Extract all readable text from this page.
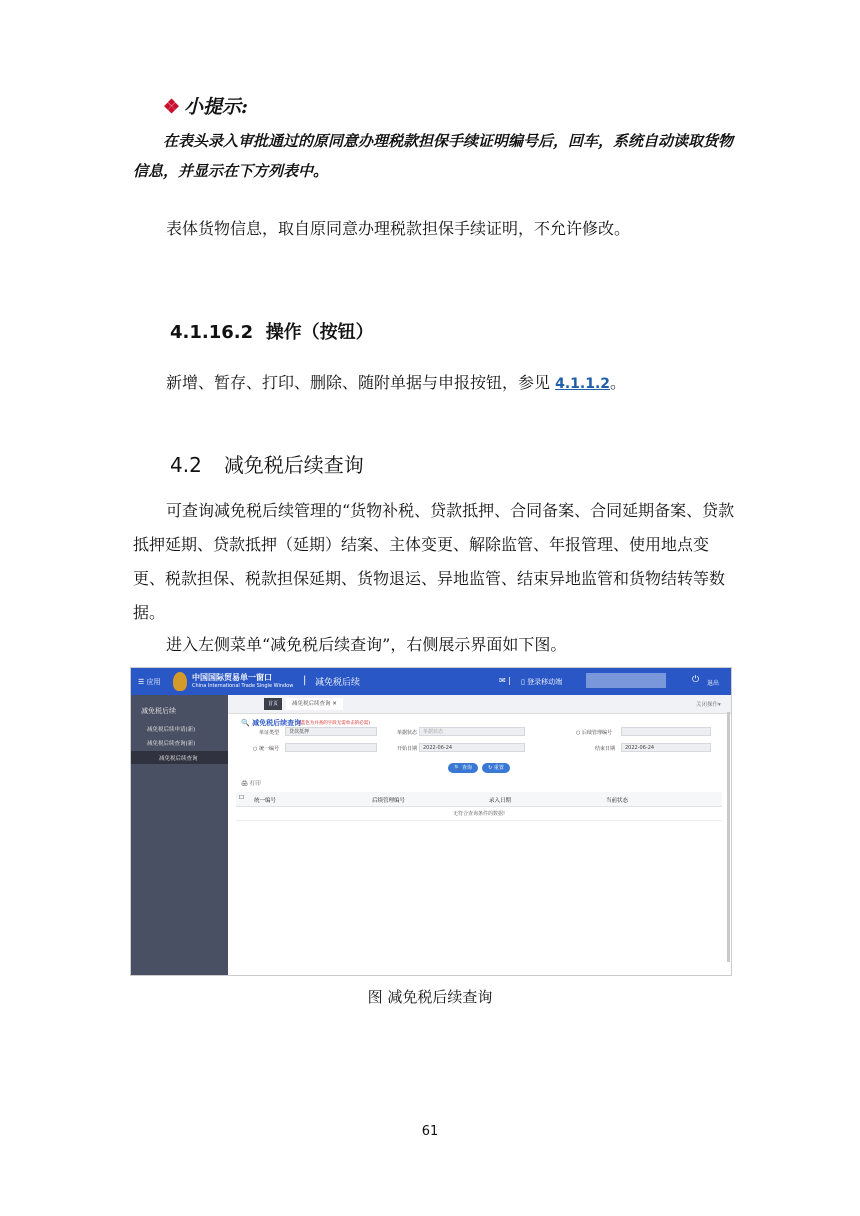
❖ 小提示:
在表头录入审批通过的原同意办理税款担保手续证明编号后，回车，系统自动读取货物信息，并显示在下方列表中。
表体货物信息，取自原同意办理税款担保手续证明，不允许修改。
4.1.16.2 操作（按钮）
新增、暂存、打印、删除、随附单据与申报按钮，参见 4.1.1.2。
4.2 减免税后续查询
可查询减免税后续管理的“货物补税、贷款抵押、合同备案、合同延期备案、贷款抵押延期、贷款抵押（延期）结案、主体变更、解除监管、年报管理、使用地点变更、税款担保、税款担保延期、货物退运、异地监管、结束异地监管和货物结转等数据。
进入左侧菜单“减免税后续查询”，右侧展示界面如下图。
☰ 应用	中国国际贸易单一窗口
China International Trade Single Window | 减免税后续	✉ | ▯ 登录移动端	⏻ 退出
减免税后续
减免税后续申请(新)
减免税后续查询(新)
减免税后续查询
首页	减免税后续查询 ✕	关闭操作▾
🔍 减免税后续查询
(蓝色为并查的字段无需单击的必需)
单证类型	贷款抵押	单据状态	单据状态	○ 后续管理编号
○ 统一编号	开始日期	2022-06-24	结束日期	2022-06-24
🔍 查询	↻ 重置
🖨 打印
☐ 统一编号	后续管理编号	录入日期	当前状态
无符合查询条件的数据!
图 减免税后续查询
61
